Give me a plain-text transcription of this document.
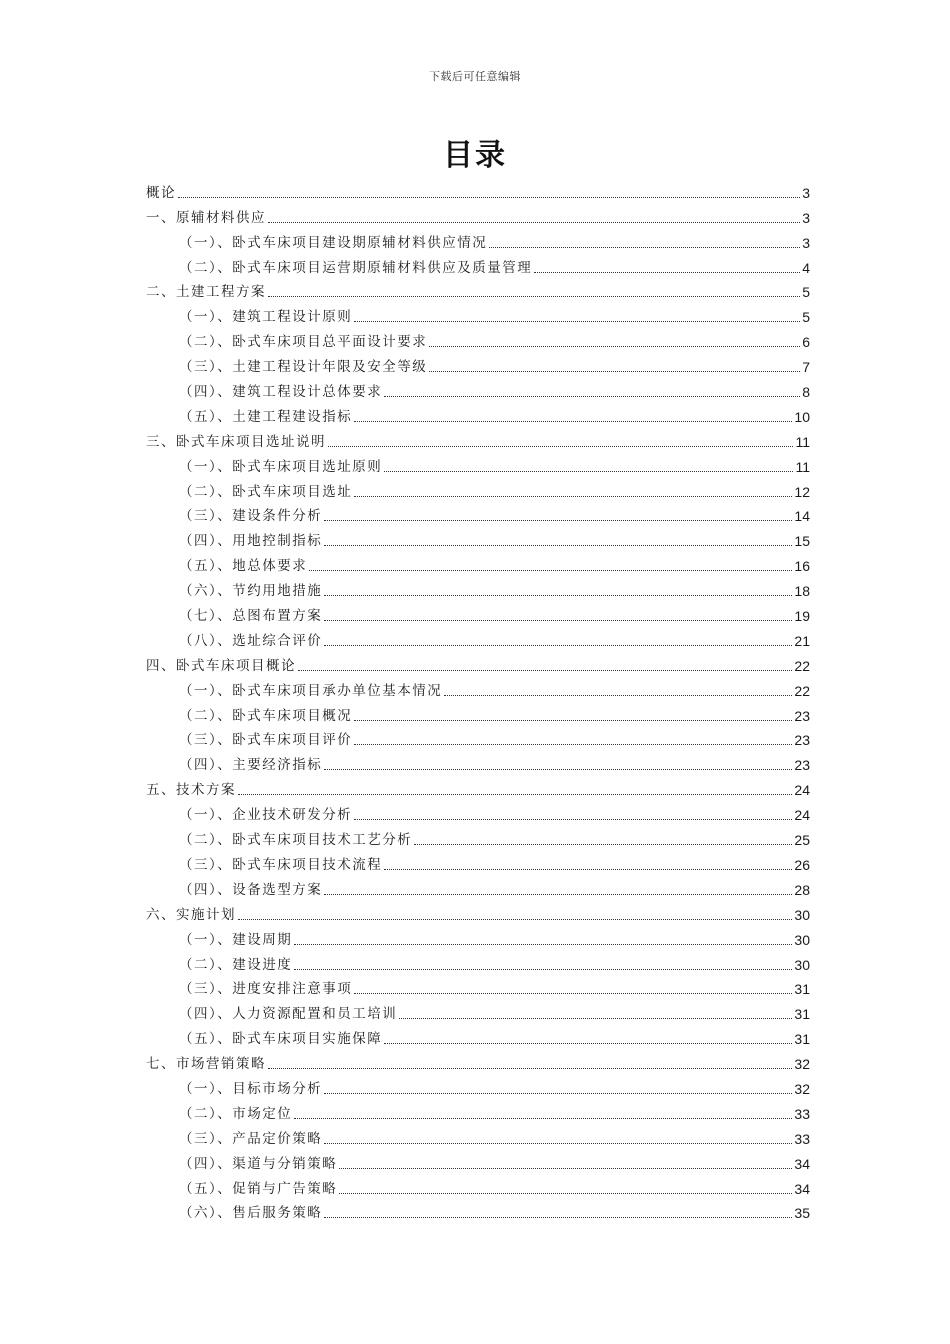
下载后可任意编辑
目录
概论	3
一、原辅材料供应	3
（一）、卧式车床项目建设期原辅材料供应情况	3
（二）、卧式车床项目运营期原辅材料供应及质量管理	4
二、土建工程方案	5
（一）、建筑工程设计原则	5
（二）、卧式车床项目总平面设计要求	6
（三）、土建工程设计年限及安全等级	7
（四）、建筑工程设计总体要求	8
（五）、土建工程建设指标	10
三、卧式车床项目选址说明	11
（一）、卧式车床项目选址原则	11
（二）、卧式车床项目选址	12
（三）、建设条件分析	14
（四）、用地控制指标	15
（五）、地总体要求	16
（六）、节约用地措施	18
（七）、总图布置方案	19
（八）、选址综合评价	21
四、卧式车床项目概论	22
（一）、卧式车床项目承办单位基本情况	22
（二）、卧式车床项目概况	23
（三）、卧式车床项目评价	23
（四）、主要经济指标	23
五、技术方案	24
（一）、企业技术研发分析	24
（二）、卧式车床项目技术工艺分析	25
（三）、卧式车床项目技术流程	26
（四）、设备选型方案	28
六、实施计划	30
（一）、建设周期	30
（二）、建设进度	30
（三）、进度安排注意事项	31
（四）、人力资源配置和员工培训	31
（五）、卧式车床项目实施保障	31
七、市场营销策略	32
（一）、目标市场分析	32
（二）、市场定位	33
（三）、产品定价策略	33
（四）、渠道与分销策略	34
（五）、促销与广告策略	34
（六）、售后服务策略	35
